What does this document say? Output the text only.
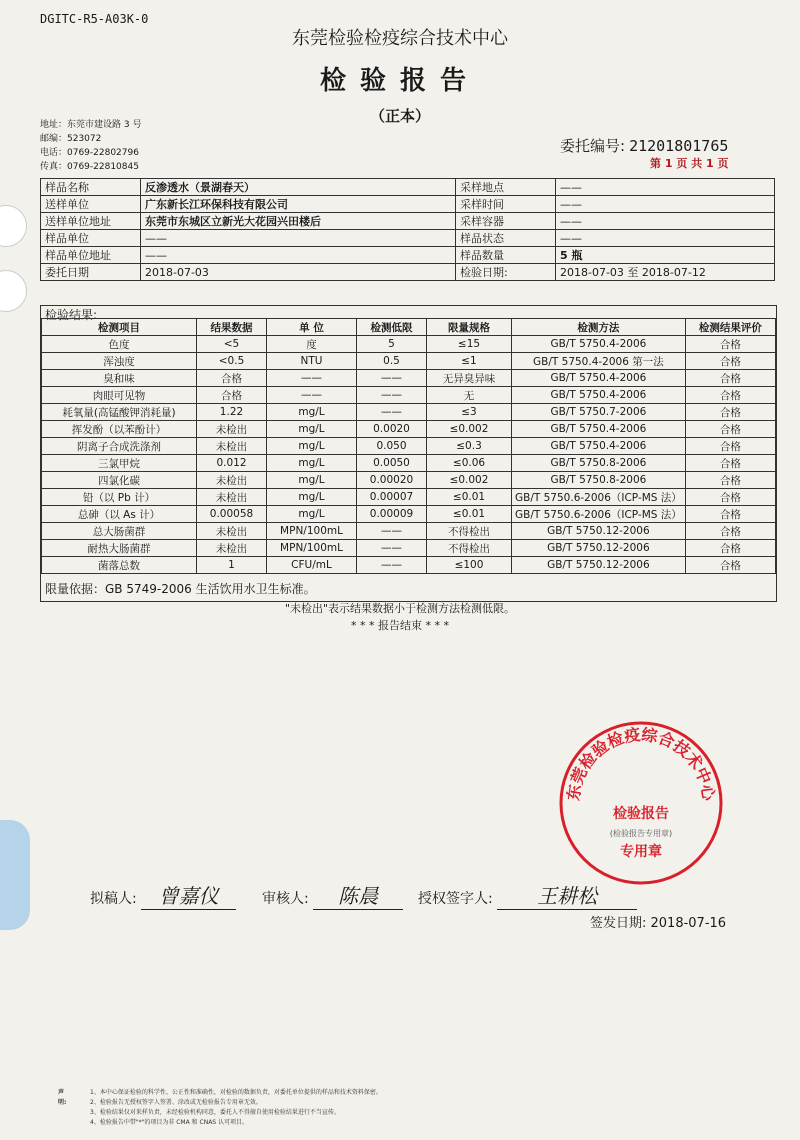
DGITC-R5-A03K-0
东莞检验检疫综合技术中心
检验报告
（正本）
地址：东莞市建设路 3 号
邮编：523072
电话：0769-22802796
传真：0769-22810845
委托编号: 21201801765
第 1 页 共 1 页
样品名称	反渗透水（景湖春天）	采样地点	——
送样单位	广东新长江环保科技有限公司	采样时间	——
送样单位地址	东莞市东城区立新光大花园兴田楼后	采样容器	——
样品单位	——	样品状态	——
样品单位地址	——	样品数量	5 瓶
委托日期	2018-07-03	检验日期:	2018-07-03 至 2018-07-12
检验结果:
检测项目	结果数据	单 位	检测低限	限量规格	检测方法	检测结果评价
色度	<5	度	5	≤15	GB/T 5750.4-2006	合格
浑浊度	<0.5	NTU	0.5	≤1	GB/T 5750.4-2006 第一法	合格
臭和味	合格	——	——	无异臭异味	GB/T 5750.4-2006	合格
肉眼可见物	合格	——	——	无	GB/T 5750.4-2006	合格
耗氧量(高锰酸钾消耗量)	1.22	mg/L	——	≤3	GB/T 5750.7-2006	合格
挥发酚（以苯酚计）	未检出	mg/L	0.0020	≤0.002	GB/T 5750.4-2006	合格
阴离子合成洗涤剂	未检出	mg/L	0.050	≤0.3	GB/T 5750.4-2006	合格
三氯甲烷	0.012	mg/L	0.0050	≤0.06	GB/T 5750.8-2006	合格
四氯化碳	未检出	mg/L	0.00020	≤0.002	GB/T 5750.8-2006	合格
铅（以 Pb 计）	未检出	mg/L	0.00007	≤0.01	GB/T 5750.6-2006（ICP-MS 法）	合格
总砷（以 As 计）	0.00058	mg/L	0.00009	≤0.01	GB/T 5750.6-2006（ICP-MS 法）	合格
总大肠菌群	未检出	MPN/100mL	——	不得检出	GB/T 5750.12-2006	合格
耐热大肠菌群	未检出	MPN/100mL	——	不得检出	GB/T 5750.12-2006	合格
菌落总数	1	CFU/mL	——	≤100	GB/T 5750.12-2006	合格
限量依据：GB 5749-2006 生活饮用水卫生标准。
"未检出"表示结果数据小于检测方法检测低限。
* * * 报告结束 * * *
东莞检验检疫综合技术中心
检验报告
(检验报告专用章)
专用章
拟稿人: 曾嘉仪	审核人: 陈晨	授权签字人: 王耕松
签发日期: 2018-07-16
声明:
1、本中心保证检验的科学性、公正性和准确性，对检验的数据负责，对委托单位提供的样品和技术资料保密。
2、检验报告无授权签字人签署、涂改或无检验报告专用章无效。
3、检验结果仅对来样负责，未经检验机构同意，委托人不得擅自使用检验结果进行不当宣传。
4、检验报告中带"*"的项目为非 CMA 和 CNAS 认可项目。
